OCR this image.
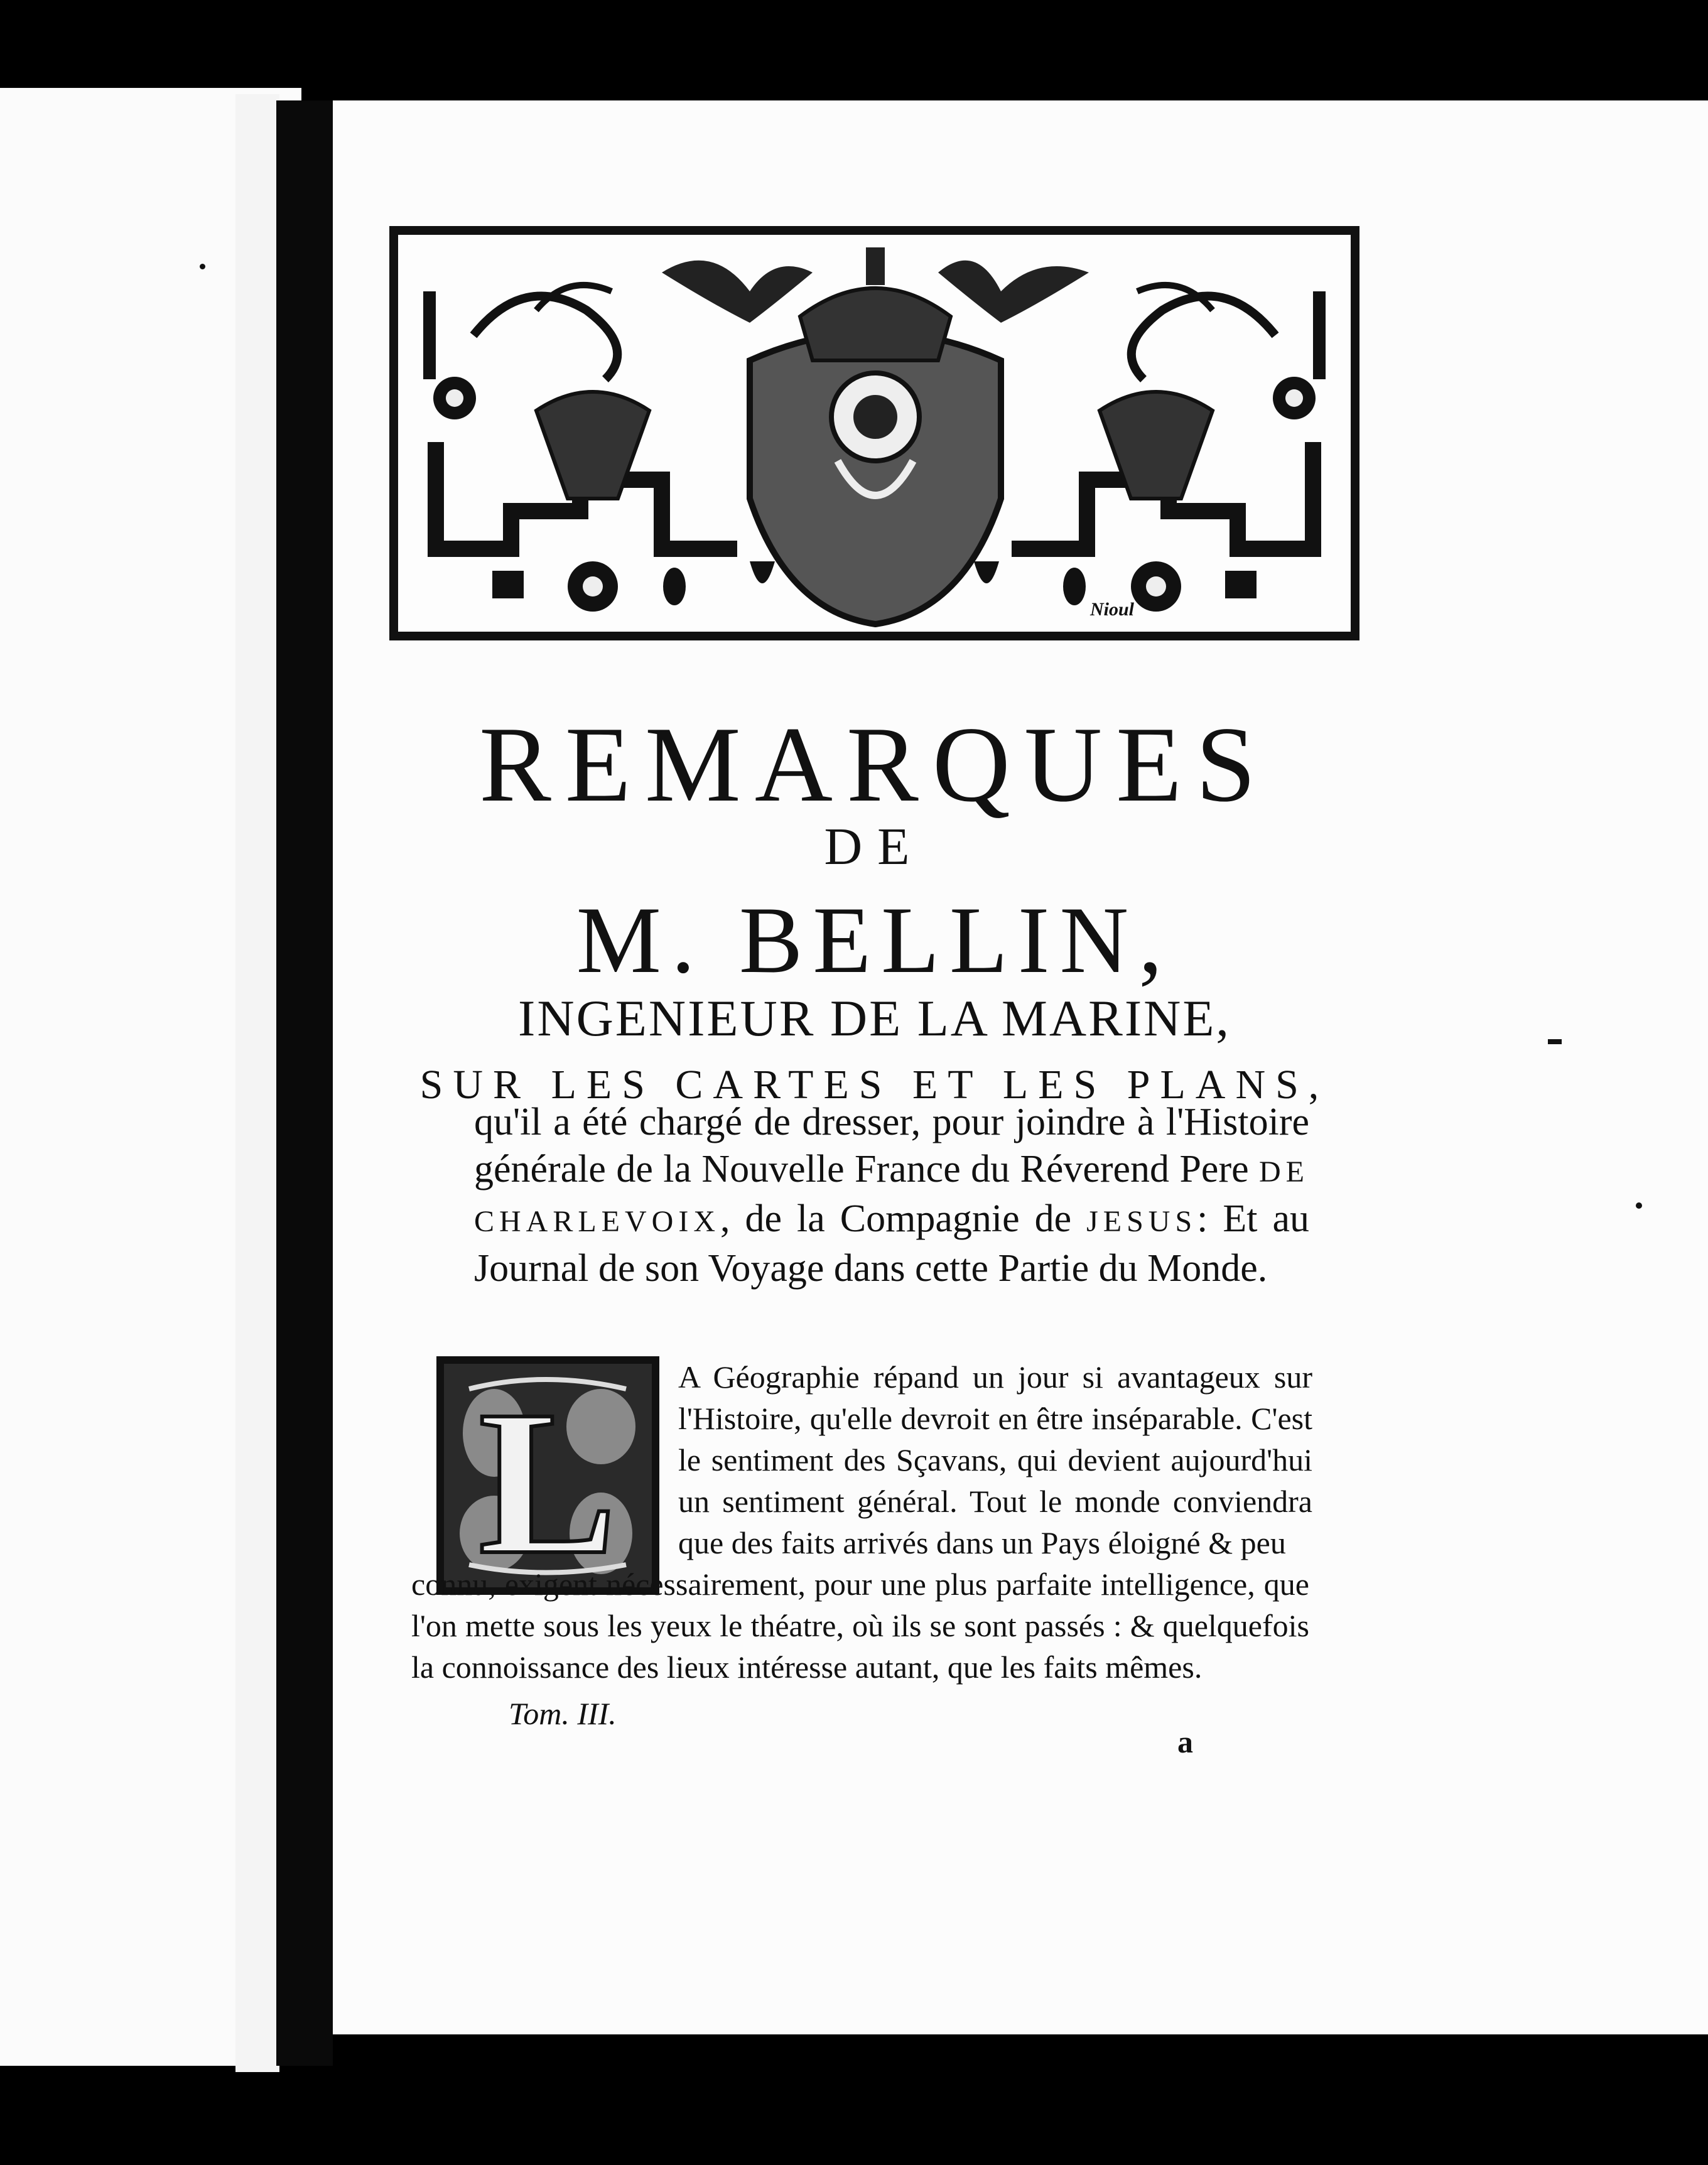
Nioul
REMARQUES
DE
M. BELLIN,
INGENIEUR DE LA MARINE,
SUR LES CARTES ET LES PLANS,

qu'il a été chargé de dresser, pour joindre à l'Histoire générale de la Nouvelle France du Réverend Pere DE CHARLEVOIX, de la Compagnie de JESUS: Et au Journal de son Voyage dans cette Partie du Monde.

L A Géographie répand un jour si avantageux sur l'Histoire, qu'elle devroit en être inséparable. C'est le sentiment des Sçavans, qui devient aujourd'hui un sentiment général. Tout le monde conviendra que des faits arrivés dans un Pays éloigné & peu

connu, exigent nécessairement, pour une plus parfaite intelligence, que l'on mette sous les yeux le théatre, où ils se sont passés : & quelquefois la connoissance des lieux intéresse autant, que les faits mêmes.

Tom. III.
a
